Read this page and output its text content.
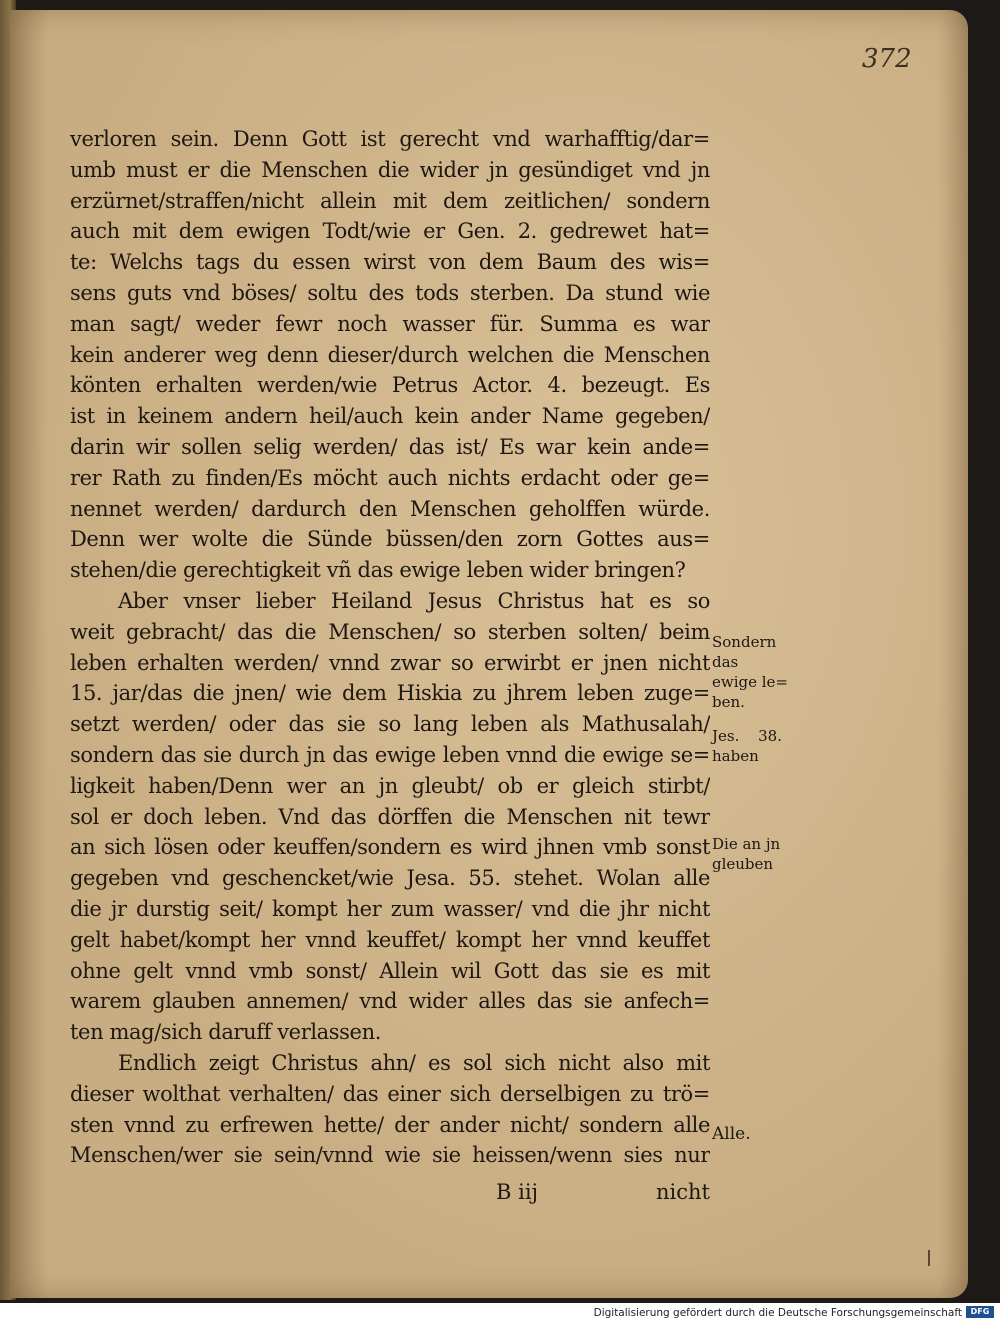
372
verloren sein. Denn Gott ist gerecht vnd warhafftig/dar=
umb must er die Menschen die wider jn gesündiget vnd jn
erzürnet/straffen/nicht allein mit dem zeitlichen/ sondern
auch mit dem ewigen Todt/wie er Gen. 2. gedrewet hat=
te: Welchs tags du essen wirst von dem Baum des wis=
sens guts vnd böses/ soltu des tods sterben. Da stund wie
man sagt/ weder fewr noch wasser für. Summa es war
kein anderer weg denn dieser/durch welchen die Menschen
könten erhalten werden/wie Petrus Actor. 4. bezeugt. Es
ist in keinem andern heil/auch kein ander Name gegeben/
darin wir sollen selig werden/ das ist/ Es war kein ande=
rer Rath zu finden/Es möcht auch nichts erdacht oder ge=
nennet werden/ dardurch den Menschen geholffen würde.
Denn wer wolte die Sünde büssen/den zorn Gottes aus=
stehen/die gerechtigkeit vñ das ewige leben wider bringen?
Aber vnser lieber Heiland Jesus Christus hat es so
weit gebracht/ das die Menschen/ so sterben solten/ beim
leben erhalten werden/ vnnd zwar so erwirbt er jnen nicht
15. jar/das die jnen/ wie dem Hiskia zu jhrem leben zuge=
setzt werden/ oder das sie so lang leben als Mathusalah/
sondern das sie durch jn das ewige leben vnnd die ewige se=
ligkeit haben/Denn wer an jn gleubt/ ob er gleich stirbt/
sol er doch leben. Vnd das dörffen die Menschen nit tewr
an sich lösen oder keuffen/sondern es wird jhnen vmb sonst
gegeben vnd geschencket/wie Jesa. 55. stehet. Wolan alle
die jr durstig seit/ kompt her zum wasser/ vnd die jhr nicht
gelt habet/kompt her vnnd keuffet/ kompt her vnnd keuffet
ohne gelt vnnd vmb sonst/ Allein wil Gott das sie es mit
warem glauben annemen/ vnd wider alles das sie anfech=
ten mag/sich daruff verlassen.
Endlich zeigt Christus ahn/ es sol sich nicht also mit
dieser wolthat verhalten/ das einer sich derselbigen zu trö=
sten vnnd zu erfrewen hette/ der ander nicht/ sondern alle
Menschen/wer sie sein/vnnd wie sie heissen/wenn sies nur
Sondern
das
ewige le=
ben.
Jes. 38.
haben
Die an jn
gleuben
Alle.
B iij	nicht
Digitalisierung gefördert durch die Deutsche Forschungsgemeinschaft	DFG
